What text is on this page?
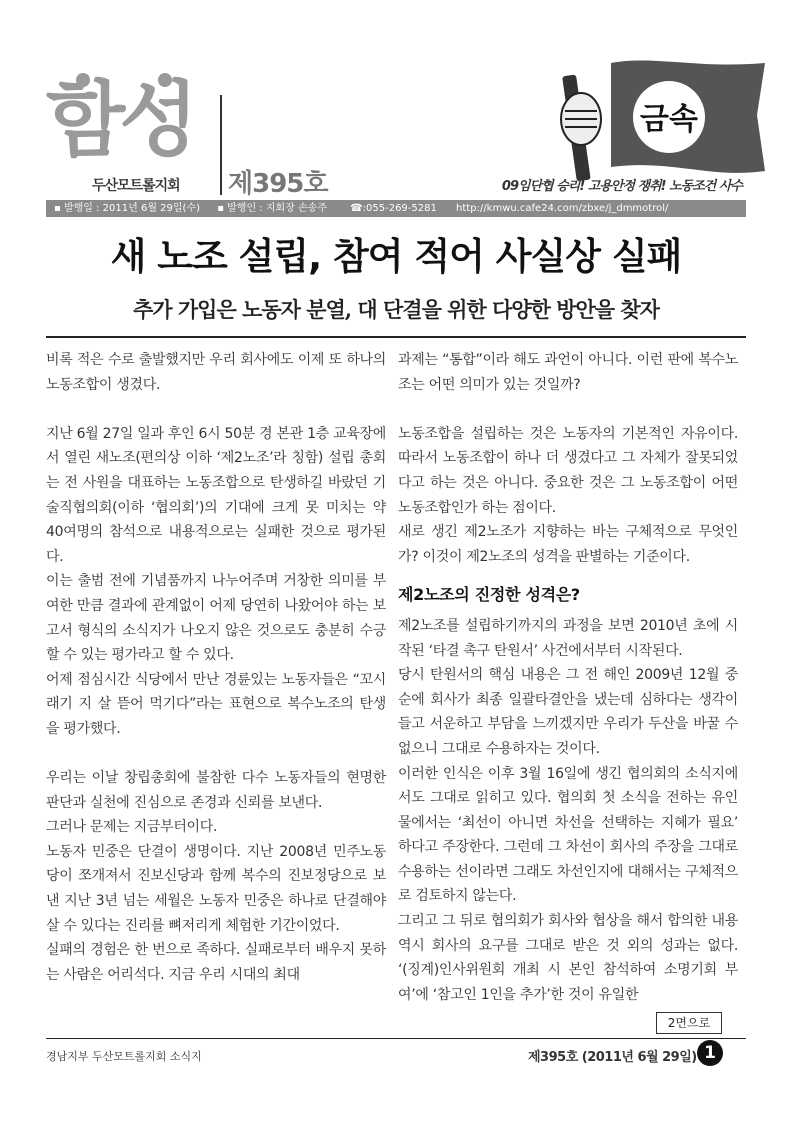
함성
두산모트롤지회 제395호
금속
09임단협 승리! 고용안정 쟁취! 노동조건 사수
▪ 발행일 : 2011년 6월 29일(수) ▪ 발행인 : 지회장 손송주 ☎:055-269-5281 http://kmwu.cafe24.com/zbxe/j_dmmotrol/
새 노조 설립, 참여 적어 사실상 실패
추가 가입은 노동자 분열, 대 단결을 위한 다양한 방안을 찾자

비록 적은 수로 출발했지만 우리 회사에도 이제 또 하나의 노동조합이 생겼다.

지난 6월 27일 일과 후인 6시 50분 경 본관 1층 교육장에서 열린 새노조(편의상 이하 ‘제2노조’라 칭함) 설립 총회는 전 사원을 대표하는 노동조합으로 탄생하길 바랐던 기술직협의회(이하 ‘협의회’)의 기대에 크게 못 미치는 약 40여명의 참석으로 내용적으로는 실패한 것으로 평가된다.

이는 출범 전에 기념품까지 나누어주며 거창한 의미를 부여한 만큼 결과에 관계없이 어제 당연히 나왔어야 하는 보고서 형식의 소식지가 나오지 않은 것으로도 충분히 수긍할 수 있는 평가라고 할 수 있다.

어제 점심시간 식당에서 만난 경륜있는 노동자들은 “꼬시래기 지 살 뜯어 먹기다”라는 표현으로 복수노조의 탄생을 평가했다.

우리는 이날 창립총회에 불참한 다수 노동자들의 현명한 판단과 실천에 진심으로 존경과 신뢰를 보낸다.

그러나 문제는 지금부터이다.

노동자 민중은 단결이 생명이다. 지난 2008년 민주노동당이 쪼개져서 진보신당과 함께 복수의 진보정당으로 보낸 지난 3년 넘는 세월은 노동자 민중은 하나로 단결해야 살 수 있다는 진리를 뼈저리게 체험한 기간이었다.

실패의 경험은 한 번으로 족하다. 실패로부터 배우지 못하는 사람은 어리석다. 지금 우리 시대의 최대

과제는 “통합”이라 해도 과언이 아니다. 이런 판에 복수노조는 어떤 의미가 있는 것일까?

노동조합을 설립하는 것은 노동자의 기본적인 자유이다. 따라서 노동조합이 하나 더 생겼다고 그 자체가 잘못되었다고 하는 것은 아니다. 중요한 것은 그 노동조합이 어떤 노동조합인가 하는 점이다.

새로 생긴 제2노조가 지향하는 바는 구체적으로 무엇인가? 이것이 제2노조의 성격을 판별하는 기준이다.

제2노조의 진정한 성격은?

제2노조를 설립하기까지의 과정을 보면 2010년 초에 시작된 ‘타결 촉구 탄원서’ 사건에서부터 시작된다.

당시 탄원서의 핵심 내용은 그 전 해인 2009년 12월 중순에 회사가 최종 일괄타결안을 냈는데 심하다는 생각이 들고 서운하고 부담을 느끼겠지만 우리가 두산을 바꿀 수 없으니 그대로 수용하자는 것이다.

이러한 인식은 이후 3월 16일에 생긴 협의회의 소식지에서도 그대로 읽히고 있다. 협의회 첫 소식을 전하는 유인물에서는 ‘최선이 아니면 차선을 선택하는 지혜가 필요’ 하다고 주장한다. 그런데 그 차선이 회사의 주장을 그대로 수용하는 선이라면 그래도 차선인지에 대해서는 구체적으로 검토하지 않는다.

그리고 그 뒤로 협의회가 회사와 협상을 해서 합의한 내용 역시 회사의 요구를 그대로 받은 것 외의 성과는 없다. ‘(징계)인사위원회 개최 시 본인 참석하여 소명기회 부여’에 ‘참고인 1인을 추가’한 것이 유일한

2면으로
경남지부 두산모트롤지회 소식지	제395호 (2011년 6월 29일) 1
